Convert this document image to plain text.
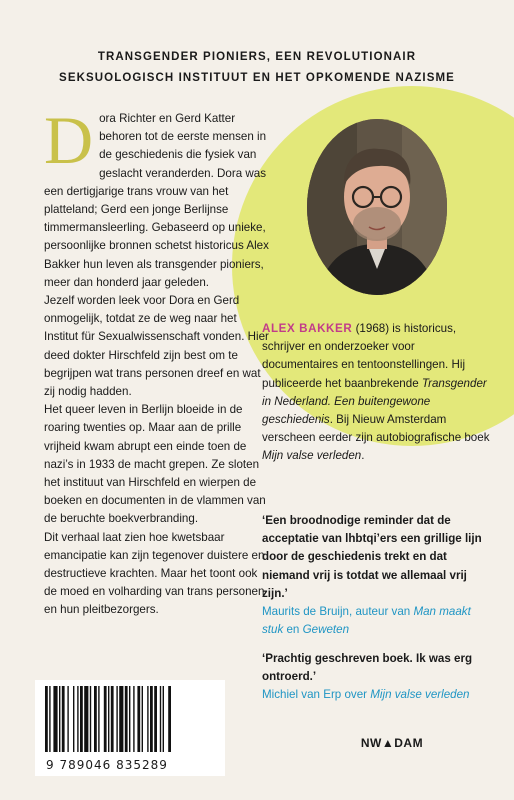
TRANSGENDER PIONIERS, EEN REVOLUTIONAIR
SEKSUOLOGISCH INSTITUUT EN HET OPKOMENDE NAZISME
D ora Richter en Gerd Katter behoren tot de eerste mensen in de geschiedenis die fysiek van geslacht veranderden. Dora was een dertigjarige trans vrouw van het platteland; Gerd een jonge Berlijnse timmermansleerling. Gebaseerd op unieke, persoonlijke bronnen schetst historicus Alex Bakker hun leven als transgender pioniers, meer dan honderd jaar geleden.

Jezelf worden leek voor Dora en Gerd onmogelijk, totdat ze de weg naar het Institut für Sexualwissenschaft vonden. Hier deed dokter Hirschfeld zijn best om te begrijpen wat trans personen dreef en wat zij nodig hadden.

Het queer leven in Berlijn bloeide in de roaring twenties op. Maar aan de prille vrijheid kwam abrupt een einde toen de nazi’s in 1933 de macht grepen. Ze sloten het instituut van Hirschfeld en wierpen de boeken en documenten in de vlammen van de beruchte boekverbranding.

Dit verhaal laat zien hoe kwetsbaar emancipatie kan zijn tegenover duistere en destructieve krachten. Maar het toont ook de moed en volharding van trans personen en hun pleitbezorgers.

ALEX BAKKER (1968) is historicus, schrijver en onderzoeker voor documentaires en tentoonstellingen. Hij publiceerde het baanbrekende Transgender in Nederland. Een buitengewone geschiedenis. Bij Nieuw Amsterdam verscheen eerder zijn autobiografische boek Mijn valse verleden.

‘Een broodnodige reminder dat de acceptatie van lhbtqi’ers een grillige lijn door de geschiedenis trekt en dat niemand vrij is totdat we allemaal vrij zijn.’
Maurits de Bruijn, auteur van Man maakt stuk en Geweten

‘Prachtig geschreven boek. Ik was erg ontroerd.’
Michiel van Erp over Mijn valse verleden

9 789046 835289
NW▲DAM
